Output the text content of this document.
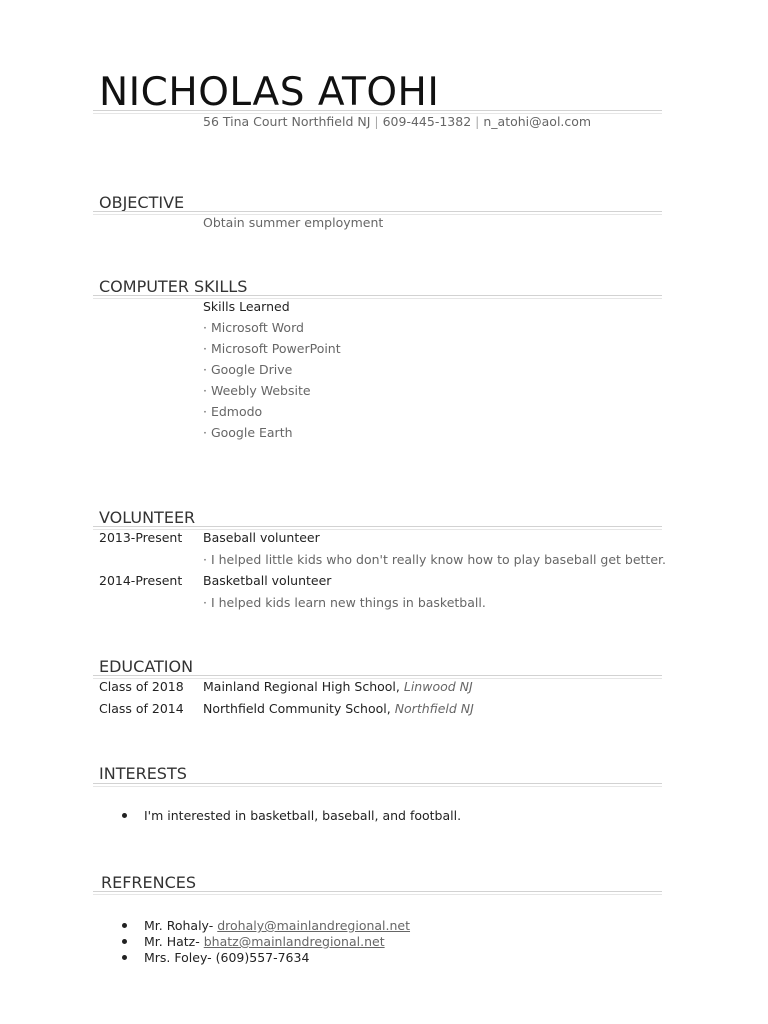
NICHOLAS ATOHI
56 Tina Court Northfield NJ | 609-445-1382 | n_atohi@aol.com
OBJECTIVE
Obtain summer employment
COMPUTER SKILLS
Skills Learned
· Microsoft Word
· Microsoft PowerPoint
· Google Drive
· Weebly Website
· Edmodo
· Google Earth
VOLUNTEER
2013-Present Baseball volunteer
· I helped little kids who don't really know how to play baseball get better.
2014-Present Basketball volunteer
· I helped kids learn new things in basketball.
EDUCATION
Class of 2018 Mainland Regional High School, Linwood NJ
Class of 2014 Northfield Community School, Northfield NJ
INTERESTS
I'm interested in basketball, baseball, and football.
REFRENCES
Mr. Rohaly- drohaly@mainlandregional.net
Mr. Hatz- bhatz@mainlandregional.net
Mrs. Foley- (609)557-7634
